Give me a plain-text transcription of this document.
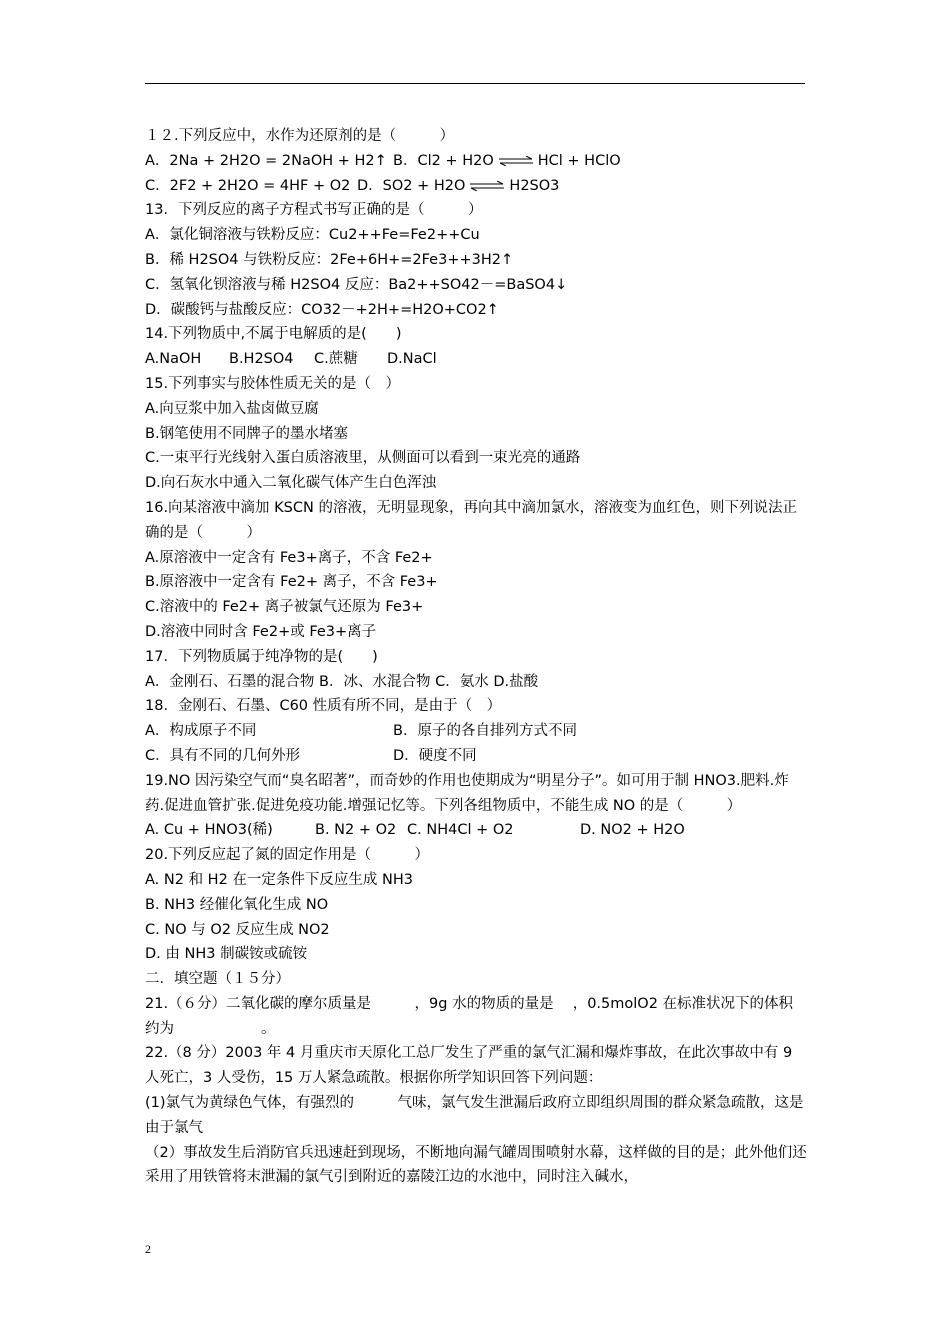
１２.下列反应中，水作为还原剂的是（　　　）
A．2Na + 2H2O = 2NaOH + H2↑ B．Cl2 + H2O ⇌ HCl + HClO
C．2F2 + 2H2O = 4HF + O2 D．SO2 + H2O ⇌ H2SO3
13．下列反应的离子方程式书写正确的是（　　　）
A．氯化铜溶液与铁粉反应：Cu2++Fe=Fe2++Cu
B．稀 H2SO4 与铁粉反应：2Fe+6H+=2Fe3++3H2↑
C．氢氧化钡溶液与稀 H2SO4 反应：Ba2++SO42－=BaSO4↓
D．碳酸钙与盐酸反应：CO32－+2H+=H2O+CO2↑
14.下列物质中,不属于电解质的是(　　)
A.NaOH B.H2SO4 C.蔗糖 D.NaCl
15.下列事实与胶体性质无关的是（　）
A.向豆浆中加入盐卤做豆腐
B.钢笔使用不同牌子的墨水堵塞
C.一束平行光线射入蛋白质溶液里，从侧面可以看到一束光亮的通路
D.向石灰水中通入二氧化碳气体产生白色浑浊
16.向某溶液中滴加 KSCN 的溶液，无明显现象，再向其中滴加氯水，溶液变为血红色，则下列说法正确的是（　　　）
A.原溶液中一定含有 Fe3+离子，不含 Fe2+
B.原溶液中一定含有 Fe2+ 离子，不含 Fe3+
C.溶液中的 Fe2+ 离子被氯气还原为 Fe3+
D.溶液中同时含 Fe2+或 Fe3+离子
17．下列物质属于纯净物的是(　　)
A．金刚石、石墨的混合物 B．冰、水混合物 C．氨水 D.盐酸
18．金刚石、石墨、C60 性质有所不同，是由于（　）
A．构成原子不同	B．原子的各自排列方式不同
C．具有不同的几何外形	D．硬度不同
19.NO 因污染空气而“臭名昭著”，而奇妙的作用也使期成为“明星分子”。如可用于制 HNO3.肥料.炸药.促进血管扩张.促进免疫功能.增强记忆等。下列各组物质中，不能生成 NO 的是（　　　）
A. Cu + HNO3(稀)	B. N2 + O2 C. NH4Cl + O2	D. NO2 + H2O
20.下列反应起了氮的固定作用是（　　　）
A. N2 和 H2 在一定条件下反应生成 NH3
B. NH3 经催化氧化生成 NO
C. NO 与 O2 反应生成 NO2
D. 由 NH3 制碳铵或硫铵
二．填空题（１５分）
21.（６分）二氧化碳的摩尔质量是　　　，9g 水的物质的量是　 ，0.5molO2 在标准状况下的体积约为　　　　　　。
22.（8 分）2003 年 4 月重庆市天原化工总厂发生了严重的氯气汇漏和爆炸事故，在此次事故中有 9 人死亡，3 人受伤，15 万人紧急疏散。根据你所学知识回答下列问题：
(1)氯气为黄绿色气体，有强烈的　　　气味，氯气发生泄漏后政府立即组织周围的群众紧急疏散，这是由于氯气
（2）事故发生后消防官兵迅速赶到现场，不断地向漏气罐周围喷射水幕，这样做的目的是；此外他们还采用了用铁管将末泄漏的氯气引到附近的嘉陵江边的水池中，同时注入碱水，
2
